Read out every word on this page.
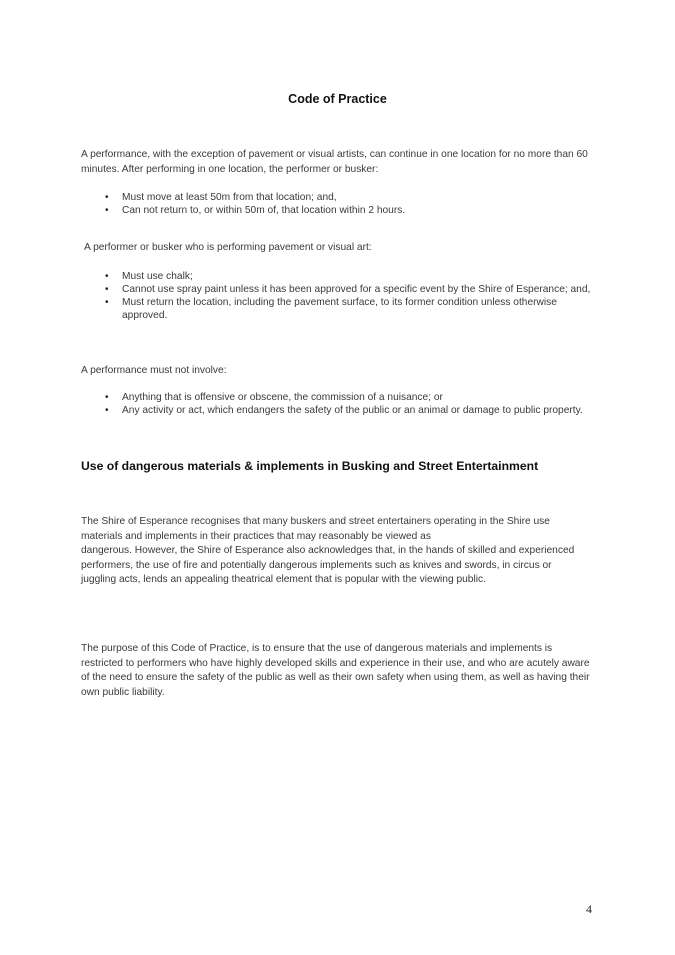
Code of Practice

A performance, with the exception of pavement or visual artists, can continue in one location for no more than 60 minutes. After performing in one location, the performer or busker:

• Must move at least 50m from that location; and,
• Can not return to, or within 50m of, that location within 2 hours.

A performer or busker who is performing pavement or visual art:

• Must use chalk;
• Cannot use spray paint unless it has been approved for a specific event by the Shire of Esperance; and,
• Must return the location, including the pavement surface, to its former condition unless otherwise approved.

A performance must not involve:

• Anything that is offensive or obscene, the commission of a nuisance; or
• Any activity or act, which endangers the safety of the public or an animal or damage to public property.
Use of dangerous materials & implements in Busking and Street Entertainment

The Shire of Esperance recognises that many buskers and street entertainers operating in the Shire use materials and implements in their practices that may reasonably be viewed as

dangerous. However, the Shire of Esperance also acknowledges that, in the hands of skilled and experienced performers, the use of fire and potentially dangerous implements such as knives and swords, in circus or juggling acts, lends an appealing theatrical element that is popular with the viewing public.

The purpose of this Code of Practice, is to ensure that the use of dangerous materials and implements is restricted to performers who have highly developed skills and experience in their use, and who are acutely aware of the need to ensure the safety of the public as well as their own safety when using them, as well as having their own public liability.

4
